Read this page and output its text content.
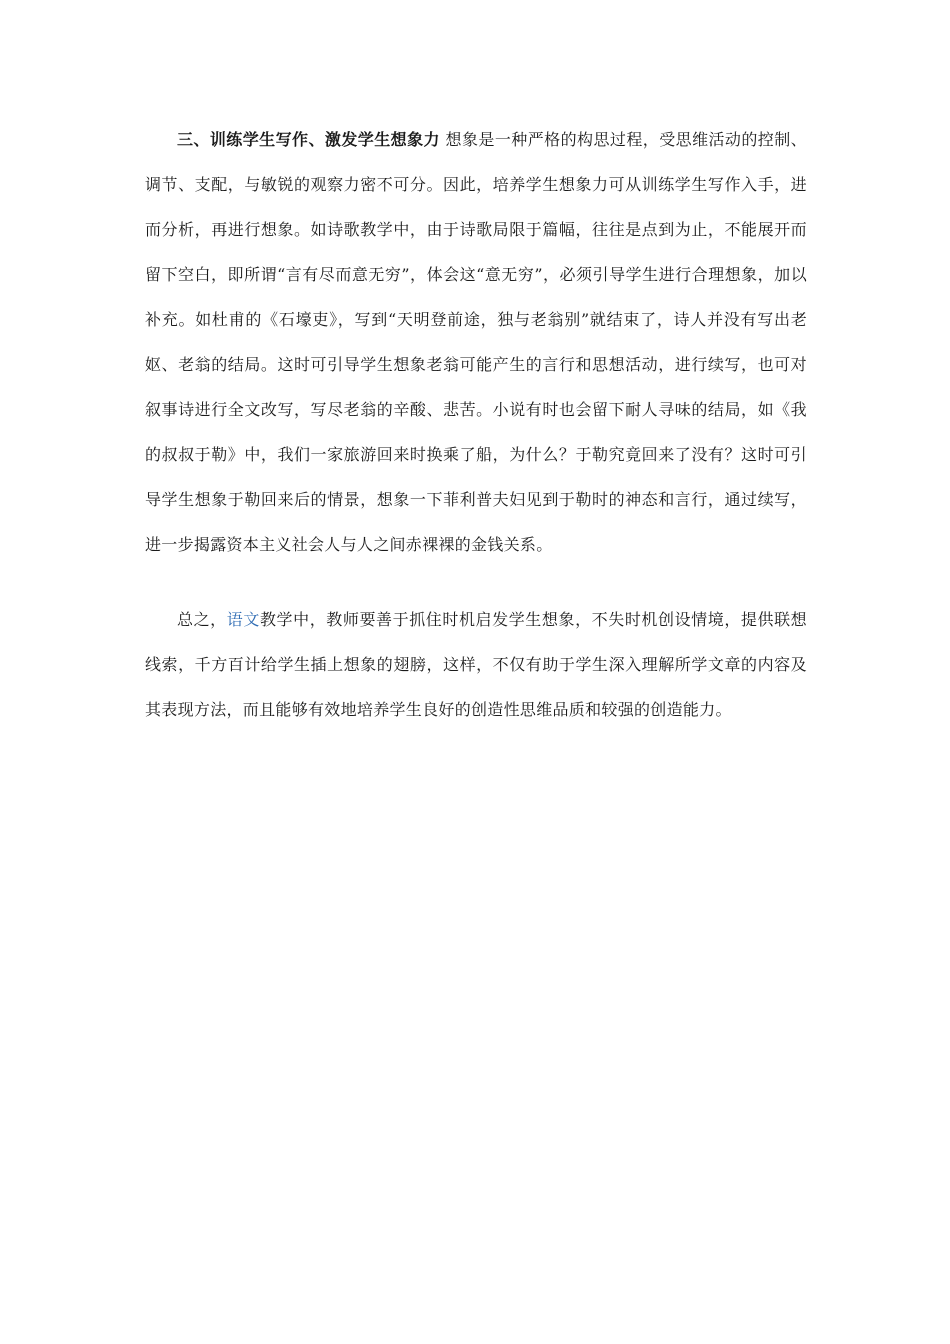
三、训练学生写作、激发学生想象力 想象是一种严格的构思过程，受思维活动的控制、调节、支配，与敏锐的观察力密不可分。因此，培养学生想象力可从训练学生写作入手，进而分析，再进行想象。如诗歌教学中，由于诗歌局限于篇幅，往往是点到为止，不能展开而留下空白，即所谓“言有尽而意无穷”，体会这“意无穷”，必须引导学生进行合理想象，加以补充。如杜甫的《石壕吏》，写到“天明登前途，独与老翁别”就结束了，诗人并没有写出老妪、老翁的结局。这时可引导学生想象老翁可能产生的言行和思想活动，进行续写，也可对叙事诗进行全文改写，写尽老翁的辛酸、悲苦。小说有时也会留下耐人寻味的结局，如《我的叔叔于勒》中，我们一家旅游回来时换乘了船，为什么？于勒究竟回来了没有？这时可引导学生想象于勒回来后的情景，想象一下菲利普夫妇见到于勒时的神态和言行，通过续写，进一步揭露资本主义社会人与人之间赤裸裸的金钱关系。

总之，语文教学中，教师要善于抓住时机启发学生想象，不失时机创设情境，提供联想线索，千方百计给学生插上想象的翅膀，这样，不仅有助于学生深入理解所学文章的内容及其表现方法，而且能够有效地培养学生良好的创造性思维品质和较强的创造能力。
